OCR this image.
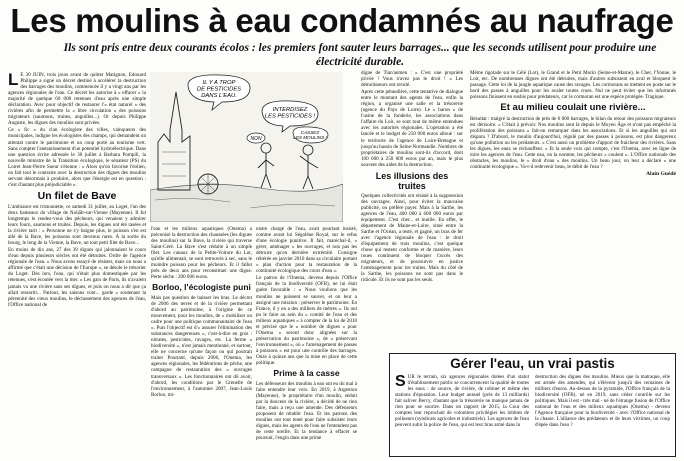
Les moulins à eau condamnés au naufrage

Ils sont pris entre deux courants écolos : les premiers font sauter leurs barrages... que les seconds utilisent pour produire une électricité durable.

L E 30 JUIN, trois jours avant de quitter Matignon, Edouard Philippe a signé un décret destiné à accélérer la destruction des barrages des moulins, commencée il y a vingt ans par les agences régionales de l'eau. Ce décret les autorise à « effacer » la majorité de quelque 60 000 retenues d'eau après une simple déclaration. Avec pour objectif de restaurer l'« état naturel » des rivières afin de permettre la « libre circulation » des poissons migrateurs (saumons, truites, anguilles...). Or depuis Philippe Auguste, les digues des moulins sont privées.

Ce « fic » du clan écologiste des villes, vainqueurs des municipales, indigne les écologistes des champs, qui demandent un attentat contre le patrimoine et un coup porté au tourisme vert. Sans compter l'anéantissement d'un potentiel hydroélectrique. Dans une question écrite adressée le 30 juillet à Barbara Pompili, la nouvelle ministre de la Transition écologique, le sénateur (PS) du Loiret Jean-Pierre Sueur s'étonne : « Alors qu'on favorise l'éolien, on fait tout le contraire avec la destruction des digues des moulins servant désormais à produire, alors que l'énergie est en question : c'est d'autant plus préjudiciable ».

Un filet de Bave

L'ambiance est tristounette, ce samedi 31 juillet, au Loget, l'un des deux hameaux du village de Noüâlt-sur-Vienne (Mayenne). Il fut longtemps le rendez-vous des pêcheurs, qui venaient y admirer leurs fourn, saumons et truites. Depuis, les digues ont été rasées et la rivière tarit : « Personne ne s'y baigne plus, le poisson s'en est allé de la Bave, les poissons sont devenus rares. À la sortie du bourg, le long de la Vienne, la Bave, un tout petit filet de Bave...

En moins de dix ans, 27 des 39 digues qui jalonnaient le cours d'eau depuis plusieurs siècles ont été détruites. Ordre de l'agence régionale de l'eau. « Nous avons essayé de résister, mais on nous a affirmé que c'était une décision de l'Europe », se désole le trésorier du Loget. Dès lors, l'eau, qui n'était plus domestiquée par les retenues, s'est écoulée vers la mer. « Les gars de Paris, ils n'avaient jamais vu une rivière sans ses digues, et puis on nous a dit que ça allait ressortir... Partout, les saisons vont... garde » soutenant la pérennité des vieux moulins, le déclassement des agences de l'eau, l'Office national de

IL Y A TROP DE PESTICIDES DANS L'EAU.
INTERDISEZ LES PESTICIDES !
NON
CASSEZ LES MOULINS !

l'eau et les milieux aquatiques (Onema) a préconisé la destruction des chaussées (les digues des moulins) sur la Bave, la rivière qui traverse Saint-Céré. La Bave s'est réduite à un simple filet. Les canaux de la Petite-Voiture du Lot, qu'elle alimentait, se sont retrouvés à sec, sans le moindre poisson pour les pêcheurs. Et il fallut près de deux ans pour reconstituer une digue. Perte sèche : 200 000 euros.

Borloo, l'écologiste puni

Mais pas question de baisser les bras. Le décret de 2006 des terres et de la rivière permettant d'abord au patrimoine, à l'origine de ce mouvement, pour les moulins, de « mobiliser un cadre pour une politique communautaire de l'eau ». Puis l'objectif est d'« assurer l'élimination des substances dangereuses », c'est-à-dire en gros : nitrates, pesticides, ravages, etc. La ferme « biodiversité », n'est jamais mentionné, et surtout, elle ne concerne qu'une façon ou qui pourrait traiter Pourtant, depuis 2006, l'Onema, les agences régionales, les fédérations de pêche, une campagne de restauration des « ouvrages transversaux ». Les fonctionnaires ont dû avoir, d'abord, les conditions par le Grenelle de l'environnement, à l'automne 2007, Jean-Louis Borloo, mi-

nistre chargé de l'eau, avait pourtant insisté, comme avant lui Ségolène Royal, sur le refus d'une écologie punitive. Il fait, maréchal-il, « gérer, aménager » les ouvrages, et non pas les détruire qu'en dernière extrémité. Consigne réitérée en janvier 2010 dans sa circulaire portant « plan d'action pour la restauration de la continuité écologique des cours d'eau ».

Le patron de l'Onema, devenu depuis l'Office français de la biodiversité (OFB), ne lui était guère favorable : « Nous voulions que les moulins ne puissent se sauver, et on leur a assigné une mission : préserver le patrimoine. En France, il y en a des milliers de mètres ». Ils ont pu le faire au sein du « comité de l'eau et des milieux aquatiques » à compter de la loi de 2010 et précisé que le « nombre de digues » pour l'Onema « seront donc alignées sur la préservation du patrimoine », de « préservant l'environnement », où « l'aménagement de passes à poissons » est pour une contrôle des barrages. Onze à quinze ans que la mise en place de cette politique.

Prime à la casse

Les défenseurs des moulins à eau ont eu du mal à faire entendre leur voix. En 2019, à Argenton (Mayenne), le propriétaire d'un moulin, séduit par la douceur de la rivière, a décidé de ne rien faire, mais a reçu une amende. Des défenseurs proposent de rétablir l'eau. Et les patrons des moulins ont tout tenté pour faire subsister leurs digues, mais les agents de l'eau ne l'entendent pas de cette oreille. Et la tendance à effacer se poursuit, l'engin dans une prime

digne de Tian'anmen : « C'est une propriété privée ! Vous n'avez pas le droit ! » Les démolisseurs ont reculé.

Après cette pétaudière, cette tentative de dialogue entre le montant des agents de l'eau, enfin la région, a organisé une salle et la trésorerie (agence du Pays de Loire). Le « baron » de l'usine de la fonderie, les associations dans l'affaire du Loir, se sont tout de même entendues avec les autorités régionales. L'opération a été lancée et le budget de 250 000 euros alloué : sur le territoire de l'agence de Loire-Bretagne et jusqu'au bassin de Seine-Normandie. Nombres de propriétaires de moulins sont-ils d'accord, dont 100 000 à 250 000 euros par an, mais le plus souvent des aides de la destruction.

Les illusions des truites

Quelques collectivités ont résisté à la suppression des ouvrages. Ainsi, pour éviter la mauvaise publicité, on préfère payer. Mais à la Sarthe, les agences de l'eau, 400 000 à 600 000 euros par équipement. C'est cher... et inutile. En effet, le département de Maine-et-Loire, situé entre la Sarthe et l'Océan, a testé, et gagné, un bras de fer avec l'agence régionale de l'eau : le droit d'équipement de trois moulins, c'est quelque chose qui restent conforme et de manière, leurs roues continuent de bloquer l'accès des migrateurs, et de poursuivre en justice l'aménagement pour les truites. Mais du côté de la Sarthe, les poissons ne sont pas dans le ridicule. Et ils ne sont pas les seuls.

Même rigolade sur le Célé (Lot), le Grand et le Petit Morin (Seine-et-Marne), le Cher, l'Yonne, le Loir, etc. De nombreuses digues ont été détruites, mais d'autres subsistent en aval et bloquent le passage. Cette loi de la jungle aquatique cause des ravages. Les cormorans se mettent en poste sur le bord des passes à anguilles pour les avaler toutes crues. Nul ne peut éviter que les infortunés poissons finissent en sushis pour prédateurs, car le cormoran est une espèce protégée. Tragique.

Et au milieu coulait une rivière...

Résultat : malgré la destruction de près de 6 000 barrages, le bilan du retour des poissons migrateurs est dérisoire. « C'était à prévoir. Nos moulins sont là depuis le Moyen Âge et n'ont pas empêché la prolifération des poissons » fait-on remarquer dans les associations. Et si les anguilles qui ont disparu ? D'abord, le moulin d'aujourd'hui, régulé par des passes à poissons, est plus dangereux qu'une pollution ou les prédateurs. « C'est aussi un problème d'apport de fraîcheur des rivières. Sans les digues, les eaux se réchauffent. » Et la seule voix qui compte, c'est l'Onema, avec en ligne de mire les agences de l'eau. Cette eau, on la nomme, les pêcheurs « coulent ». L'Office nationale des obstacles, les moulins, le « droit d'eau » des moulins. Un beau jour, on leur a déclaré « une continuité écologique ». Va-t-il redevenir beau, le débit de l'eau ?

Alain Guédé
Gérer l'eau, un vrai pastis

SUR le terrain, six agences régionales dotées d'un statut d'établissement public se concurrencent la qualité de toutes les eaux : de source, de rivière, de robinet et même des stations d'épuration. Leur budget annuel (près de 13 milliards) fait saliver Bercy, d'autant que la trésorerie ne manque jamais de rien pour se sourire. Dans un rapport de 2015, la Cour des comptes leur reprochait de volontiers privilégier les lobbies de pollueurs (syndicats agricoles et industriels). Les agences de l'eau peuvent subir la police de l'eau, qui est leur bras armé dans la

destruction des digues des moulins. Mieux que la matraque, elle est armée des amendes, qui s'élèvent jusqu'à des centaines de milliers d'euros. Au-dessus de la pyramide, l'Office français de la biodiversité (OFB), né en 2019, sans céder contrôle sur les politiques. Mais il est - très mal - né de l'étrange fusion de l'Office national de l'eau et des milieux aquatiques (Onema) - devenu l'Agence française pour la biodiversité - avec l'Office national de la chasse. L'alliance des prédateurs et de leurs victimes, un coup d'épée dans l'eau ?
